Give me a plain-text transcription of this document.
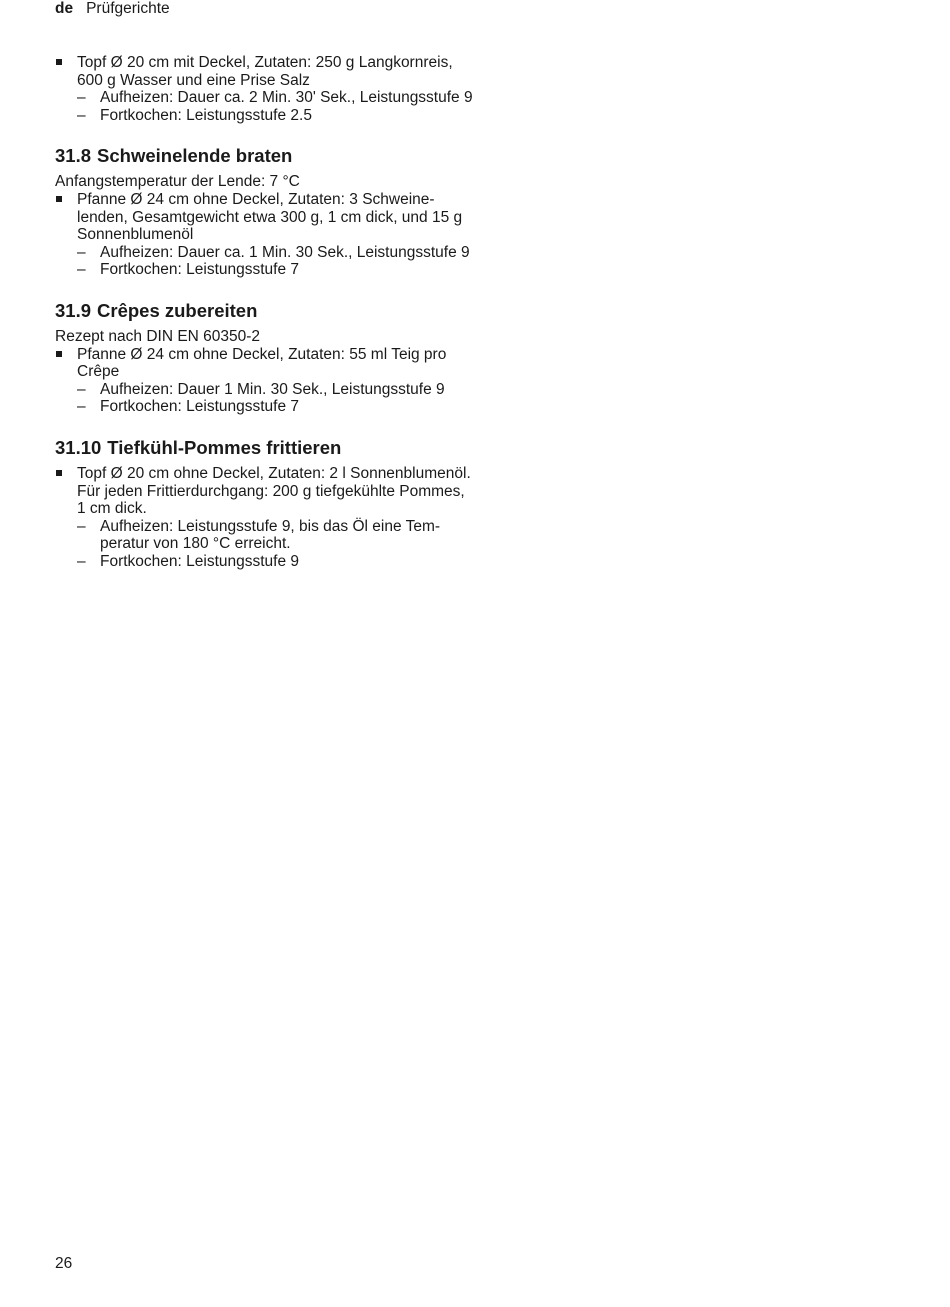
de Prüfgerichte
Topf Ø 20 cm mit Deckel, Zutaten: 250 g Langkornreis, 600 g Wasser und eine Prise Salz
– Aufheizen: Dauer ca. 2 Min. 30' Sek., Leistungsstufe 9
– Fortkochen: Leistungsstufe 2.5
31.8 Schweinelende braten

Anfangstemperatur der Lende: 7 °C

Pfanne Ø 24 cm ohne Deckel, Zutaten: 3 Schweinelenden, Gesamtgewicht etwa 300 g, 1 cm dick, und 15 g Sonnenblumenöl
– Aufheizen: Dauer ca. 1 Min. 30 Sek., Leistungsstufe 9
– Fortkochen: Leistungsstufe 7
31.9 Crêpes zubereiten

Rezept nach DIN EN 60350-2

Pfanne Ø 24 cm ohne Deckel, Zutaten: 55 ml Teig pro Crêpe
– Aufheizen: Dauer 1 Min. 30 Sek., Leistungsstufe 9
– Fortkochen: Leistungsstufe 7
31.10 Tiefkühl-Pommes frittieren
Topf Ø 20 cm ohne Deckel, Zutaten: 2 l Sonnenblumenöl. Für jeden Frittierdurchgang: 200 g tiefgekühlte Pommes, 1 cm dick.
– Aufheizen: Leistungsstufe 9, bis das Öl eine Temperatur von 180 °C erreicht.
– Fortkochen: Leistungsstufe 9
26
